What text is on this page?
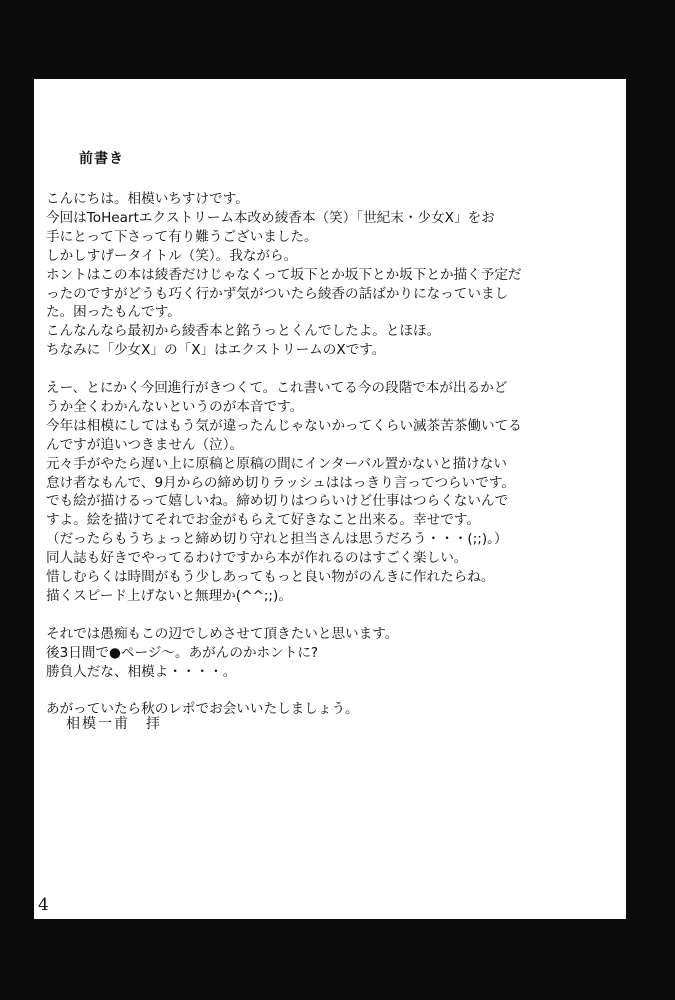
前書き

こんにちは。相模いちすけです。
今回はToHeartエクストリーム本改め綾香本（笑）「世紀末・少女X」をお
手にとって下さって有り難うございました。
しかしすげータイトル（笑）。我ながら。
ホントはこの本は綾香だけじゃなくって坂下とか坂下とか坂下とか描く予定だ
ったのですがどうも巧く行かず気がついたら綾香の話ばかりになっていまし
た。困ったもんです。
こんなんなら最初から綾香本と銘うっとくんでしたよ。とほほ。
ちなみに「少女X」の「X」はエクストリームのXです。

えー、とにかく今回進行がきつくて。これ書いてる今の段階で本が出るかど
うか全くわかんないというのが本音です。
今年は相模にしてはもう気が違ったんじゃないかってくらい滅茶苦茶働いてる
んですが追いつきません（泣）。
元々手がやたら遅い上に原稿と原稿の間にインターバル置かないと描けない
怠け者なもんで、9月からの締め切りラッシュははっきり言ってつらいです。
でも絵が描けるって嬉しいね。締め切りはつらいけど仕事はつらくないんで
すよ。絵を描けてそれでお金がもらえて好きなこと出来る。幸せです。
（だったらもうちょっと締め切り守れと担当さんは思うだろう・・・(;;)。）
同人誌も好きでやってるわけですから本が作れるのはすごく楽しい。
惜しむらくは時間がもう少しあってもっと良い物がのんきに作れたらね。
描くスピード上げないと無理か(^^;;)。

それでは愚痴もこの辺でしめさせて頂きたいと思います。
後3日間で●ページ～。あがんのかホントに?
勝負人だな、相模よ・・・・。

あがっていたら秋のレポでお会いいたしましょう。

相模一甫　拝
4
